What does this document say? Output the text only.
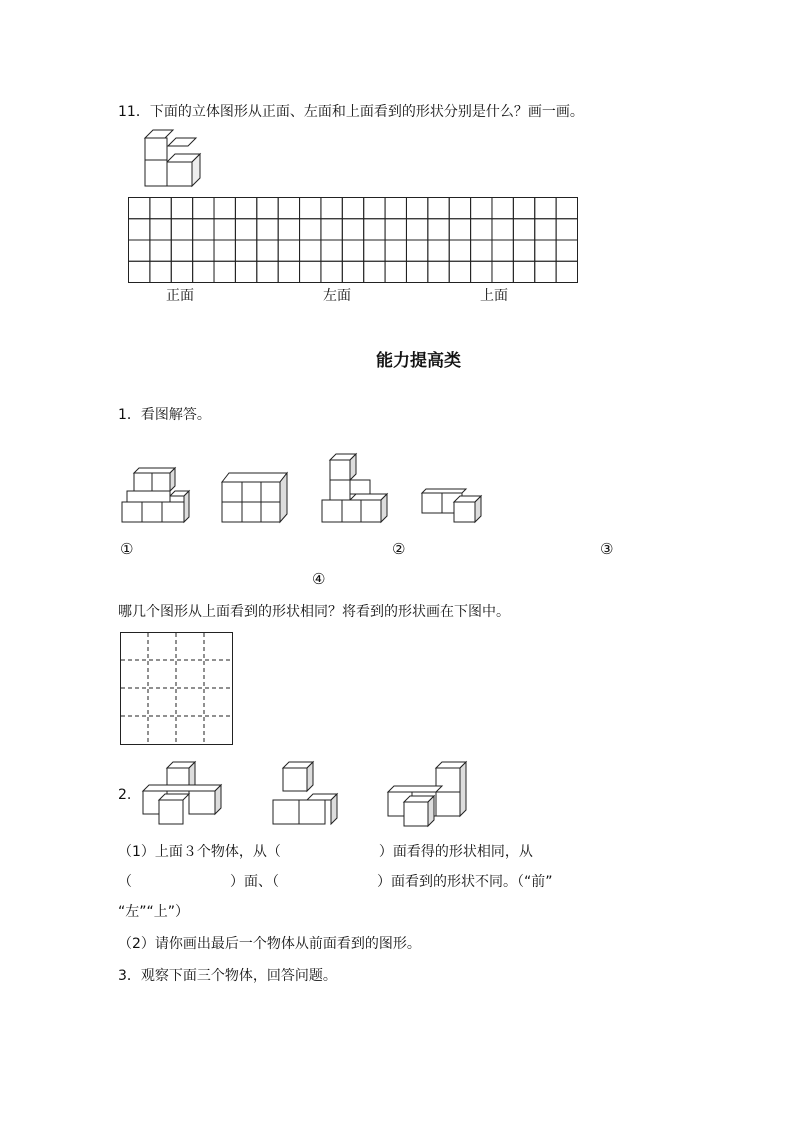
11．下面的立体图形从正面、左面和上面看到的形状分别是什么？画一画。
正面	左面	上面
能力提高类
1．看图解答。
①	②	③
④
哪几个图形从上面看到的形状相同？将看到的形状画在下图中。
2.
（1）上面３个物体，从（　　　　　　　）面看得的形状相同，从
（　　　　　　　）面、（　　　　　　　）面看到的形状不同。（“前”
“左”“上”）
（2）请你画出最后一个物体从前面看到的图形。
3．观察下面三个物体，回答问题。
